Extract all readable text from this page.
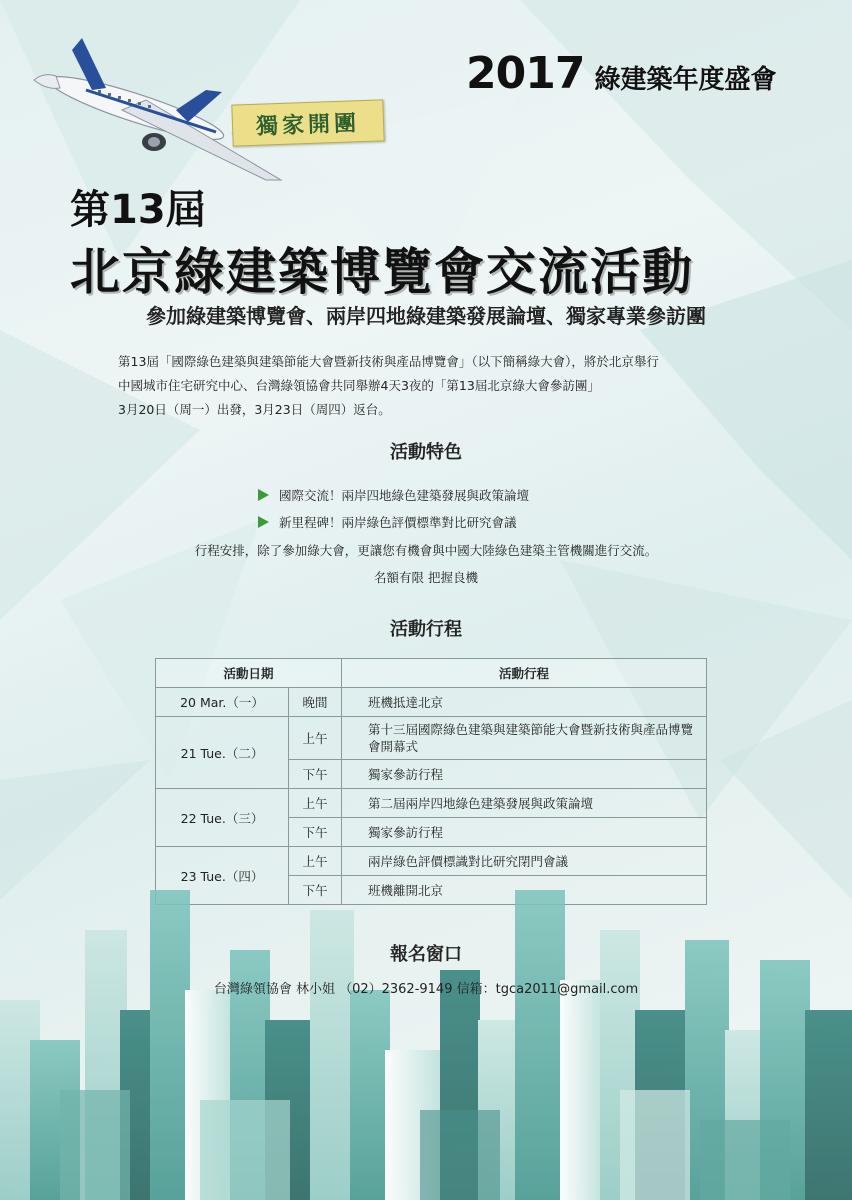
2017 綠建築年度盛會
獨家開團
第13屆
北京綠建築博覽會交流活動
參加綠建築博覽會、兩岸四地綠建築發展論壇、獨家專業參訪團
第13屆「國際綠色建築與建築節能大會暨新技術與產品博覽會」（以下簡稱綠大會），將於北京舉行
中國城市住宅研究中心、台灣綠領協會共同舉辦4天3夜的「第13屆北京綠大會參訪團」
3月20日（周一）出發，3月23日（周四）返台。
活動特色
國際交流！兩岸四地綠色建築發展與政策論壇
新里程碑！兩岸綠色評價標準對比研究會議
行程安排，除了參加綠大會，更讓您有機會與中國大陸綠色建築主管機關進行交流。
名額有限 把握良機
活動行程
活動日期		活動行程
20 Mar.（一）	晚間	班機抵達北京
21 Tue.（二）	上午	第十三屆國際綠色建築與建築節能大會暨新技術與產品博覽會開幕式
	下午	獨家參訪行程
22 Tue.（三）	上午	第二屆兩岸四地綠色建築發展與政策論壇
	下午	獨家參訪行程
23 Tue.（四）	上午	兩岸綠色評價標識對比研究閉門會議
	下午	班機離開北京
報名窗口
台灣綠領協會 林小姐 （02）2362-9149 信箱：tgca2011@gmail.com
